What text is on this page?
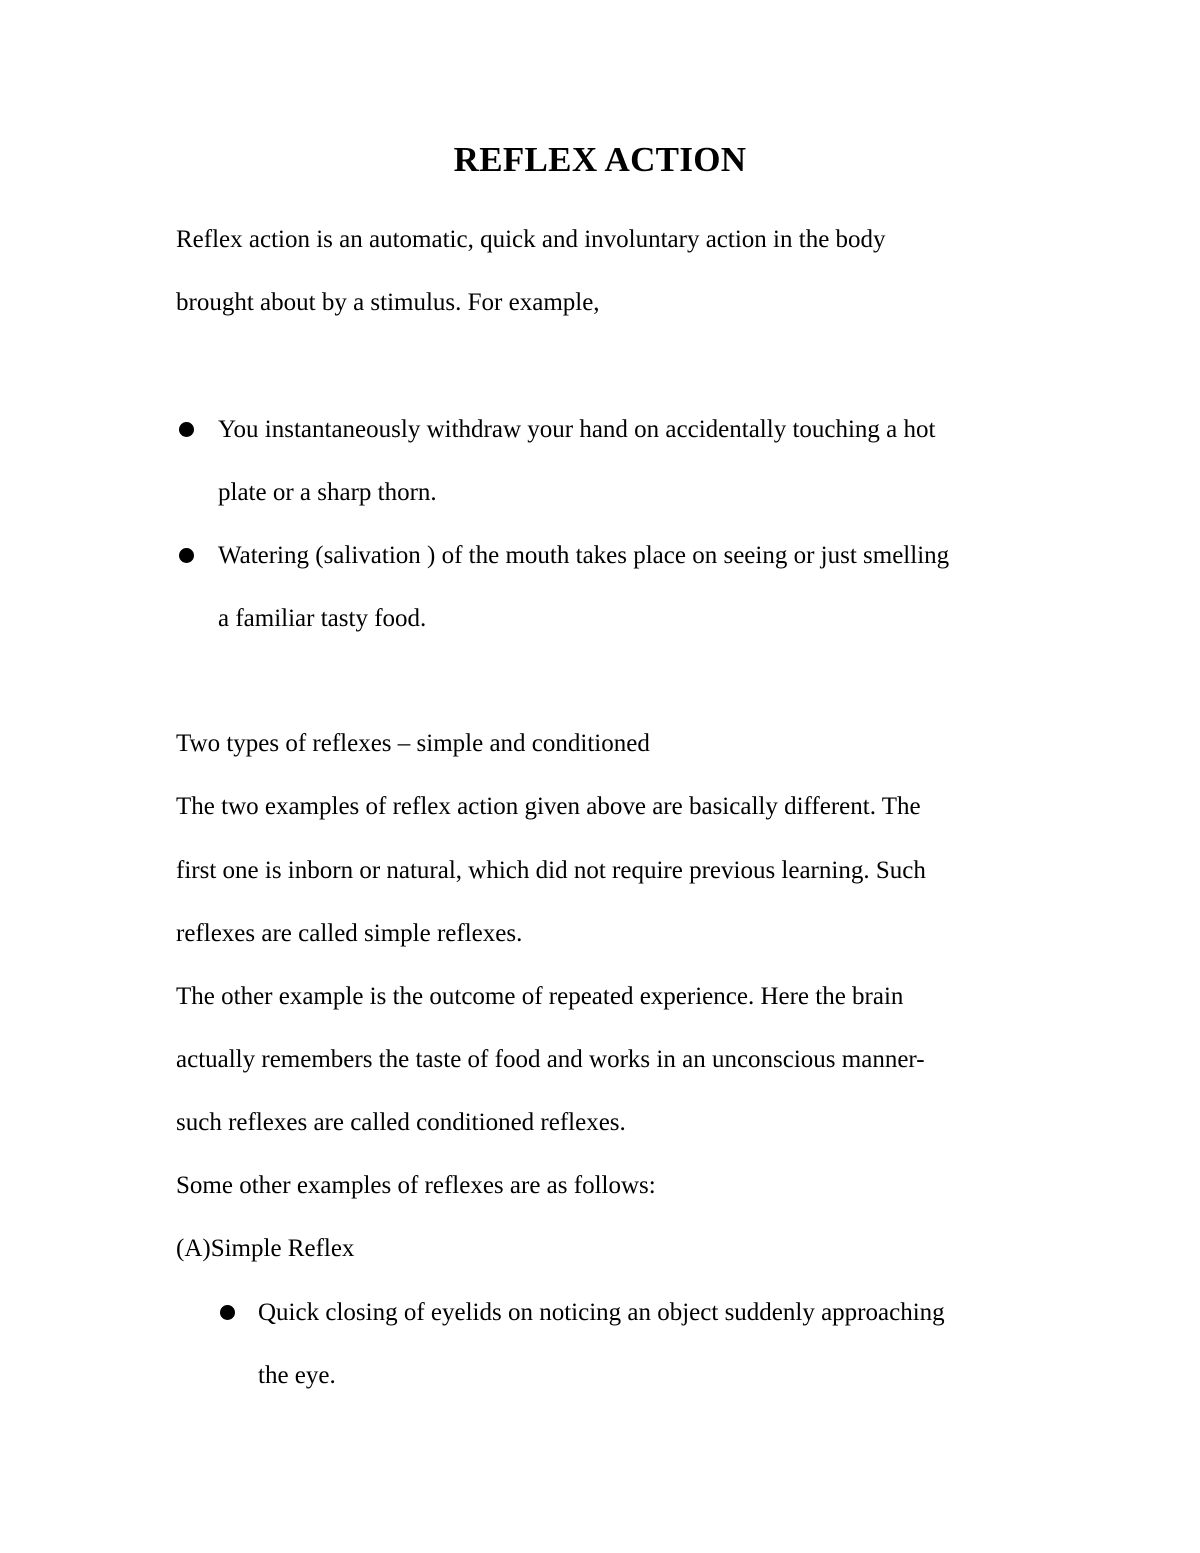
REFLEX ACTION
Reflex action is an automatic, quick and involuntary action in the body
brought about by a stimulus. For example,
You instantaneously withdraw your hand on accidentally touching a hot
plate or a sharp thorn.
Watering (salivation ) of the mouth takes place on seeing or just smelling
a familiar tasty food.
Two types of reflexes – simple and conditioned
The two examples of reflex action given above are basically different. The
first one is inborn or natural, which did not require previous learning. Such
reflexes are called simple reflexes.
The other example is the outcome of repeated experience. Here the brain
actually remembers the taste of food and works in an unconscious manner-
such reflexes are called conditioned reflexes.
Some other examples of reflexes are as follows:
(A)Simple Reflex
Quick closing of eyelids on noticing an object suddenly approaching
the eye.
